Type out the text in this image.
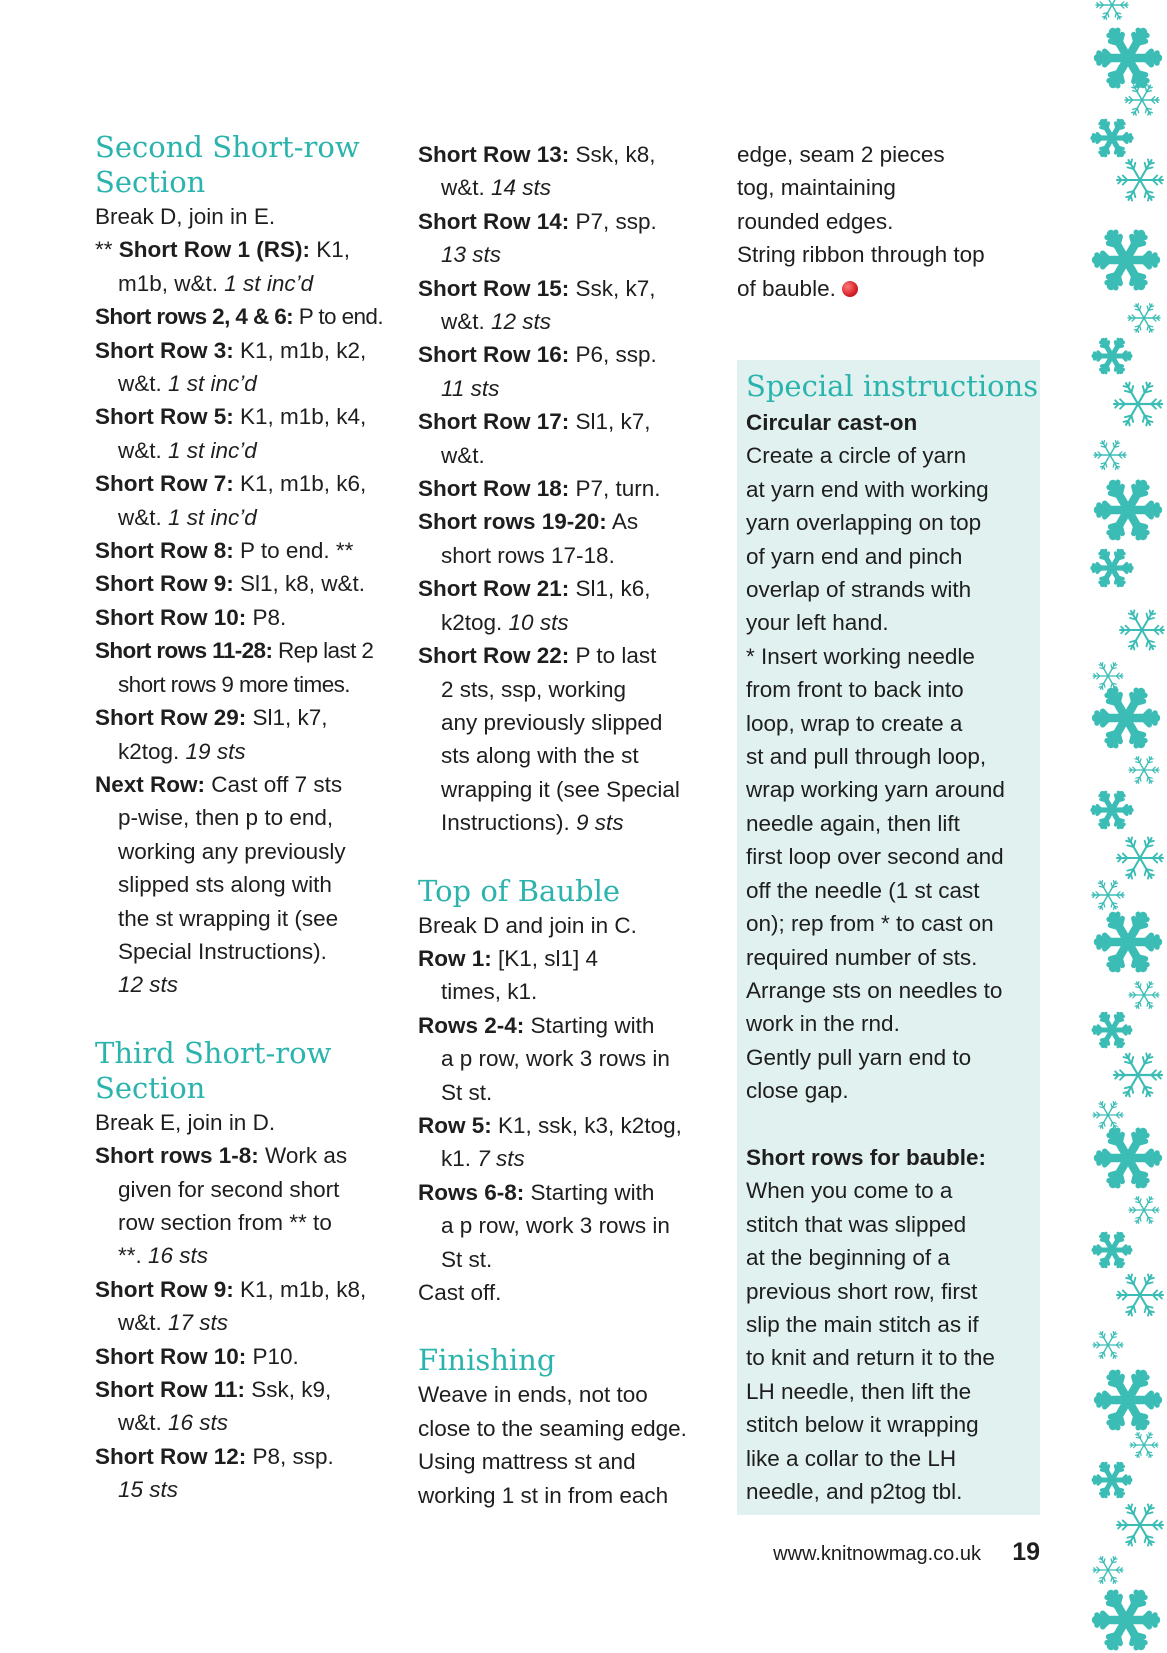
Second Short-row
Section
Break D, join in E.
** Short Row 1 (RS): K1,
m1b, w&t. 1 st inc’d
Short rows 2, 4 & 6: P to end.
Short Row 3: K1, m1b, k2,
w&t. 1 st inc’d
Short Row 5: K1, m1b, k4,
w&t. 1 st inc’d
Short Row 7: K1, m1b, k6,
w&t. 1 st inc’d
Short Row 8: P to end. **
Short Row 9: Sl1, k8, w&t.
Short Row 10: P8.
Short rows 11-28: Rep last 2
short rows 9 more times.
Short Row 29: Sl1, k7,
k2tog. 19 sts
Next Row: Cast off 7 sts
p-wise, then p to end,
working any previously
slipped sts along with
the st wrapping it (see
Special Instructions).
12 sts
Third Short-row
Section
Break E, join in D.
Short rows 1-8: Work as
given for second short
row section from ** to
**. 16 sts
Short Row 9: K1, m1b, k8,
w&t. 17 sts
Short Row 10: P10.
Short Row 11: Ssk, k9,
w&t. 16 sts
Short Row 12: P8, ssp.
15 sts
Short Row 13: Ssk, k8,
w&t. 14 sts
Short Row 14: P7, ssp.
13 sts
Short Row 15: Ssk, k7,
w&t. 12 sts
Short Row 16: P6, ssp.
11 sts
Short Row 17: Sl1, k7,
w&t.
Short Row 18: P7, turn.
Short rows 19-20: As
short rows 17-18.
Short Row 21: Sl1, k6,
k2tog. 10 sts
Short Row 22: P to last
2 sts, ssp, working
any previously slipped
sts along with the st
wrapping it (see Special
Instructions). 9 sts
Top of Bauble
Break D and join in C.
Row 1: [K1, sl1] 4
times, k1.
Rows 2-4: Starting with
a p row, work 3 rows in
St st.
Row 5: K1, ssk, k3, k2tog,
k1. 7 sts
Rows 6-8: Starting with
a p row, work 3 rows in
St st.
Cast off.
Finishing
Weave in ends, not too
close to the seaming edge.
Using mattress st and
working 1 st in from each
edge, seam 2 pieces
tog, maintaining
rounded edges.
String ribbon through top
of bauble.
Special instructions
Circular cast-on
Create a circle of yarn
at yarn end with working
yarn overlapping on top
of yarn end and pinch
overlap of strands with
your left hand.
* Insert working needle
from front to back into
loop, wrap to create a
st and pull through loop,
wrap working yarn around
needle again, then lift
first loop over second and
off the needle (1 st cast
on); rep from * to cast on
required number of sts.
Arrange sts on needles to
work in the rnd.
Gently pull yarn end to
close gap.

Short rows for bauble:
When you come to a
stitch that was slipped
at the beginning of a
previous short row, first
slip the main stitch as if
to knit and return it to the
LH needle, then lift the
stitch below it wrapping
like a collar to the LH
needle, and p2tog tbl.
www.knitnowmag.co.uk 19
